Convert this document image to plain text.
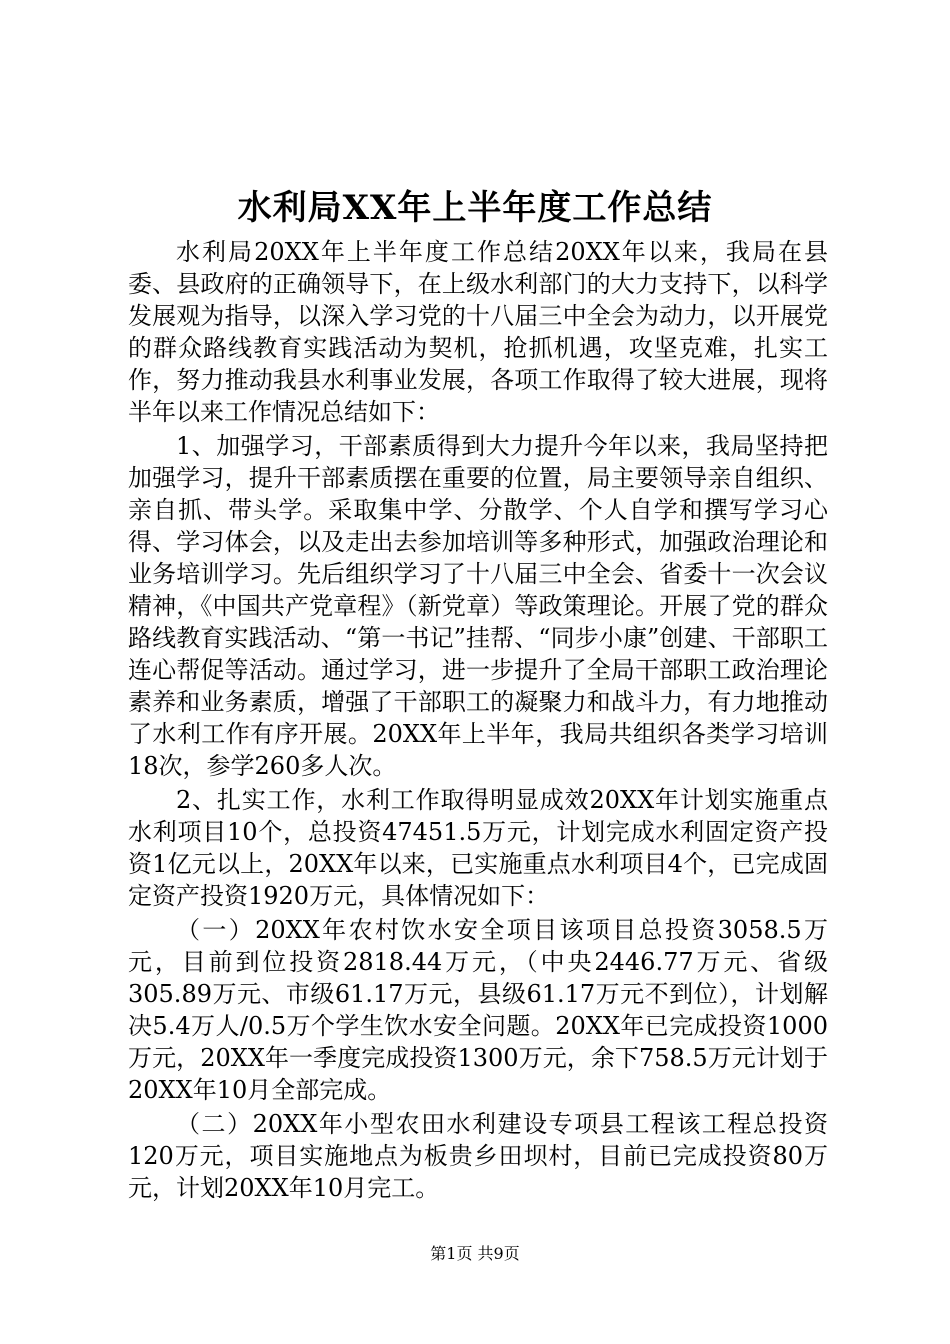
水利局XX年上半年度工作总结

水利局20XX年上半年度工作总结20XX年以来，我局在县委、县政府的正确领导下，在上级水利部门的大力支持下，以科学发展观为指导，以深入学习党的十八届三中全会为动力，以开展党的群众路线教育实践活动为契机，抢抓机遇，攻坚克难，扎实工作，努力推动我县水利事业发展，各项工作取得了较大进展，现将半年以来工作情况总结如下：

1、加强学习，干部素质得到大力提升今年以来，我局坚持把加强学习，提升干部素质摆在重要的位置，局主要领导亲自组织、亲自抓、带头学。采取集中学、分散学、个人自学和撰写学习心得、学习体会，以及走出去参加培训等多种形式，加强政治理论和业务培训学习。先后组织学习了十八届三中全会、省委十一次会议精神，《中国共产党章程》（新党章）等政策理论。开展了党的群众路线教育实践活动、“第一书记”挂帮、“同步小康”创建、干部职工连心帮促等活动。通过学习，进一步提升了全局干部职工政治理论素养和业务素质，增强了干部职工的凝聚力和战斗力，有力地推动了水利工作有序开展。20XX年上半年，我局共组织各类学习培训18次，参学260多人次。

2、扎实工作，水利工作取得明显成效20XX年计划实施重点水利项目10个，总投资47451.5万元，计划完成水利固定资产投资1亿元以上，20XX年以来，已实施重点水利项目4个，已完成固定资产投资1920万元，具体情况如下：

（一）20XX年农村饮水安全项目该项目总投资3058.5万元，目前到位投资2818.44万元，（中央2446.77万元、省级305.89万元、市级61.17万元，县级61.17万元不到位），计划解决5.4万人/0.5万个学生饮水安全问题。20XX年已完成投资1000万元，20XX年一季度完成投资1300万元，余下758.5万元计划于20XX年10月全部完成。

（二）20XX年小型农田水利建设专项县工程该工程总投资120万元，项目实施地点为板贵乡田坝村，目前已完成投资80万元，计划20XX年10月完工。

第1页 共9页
